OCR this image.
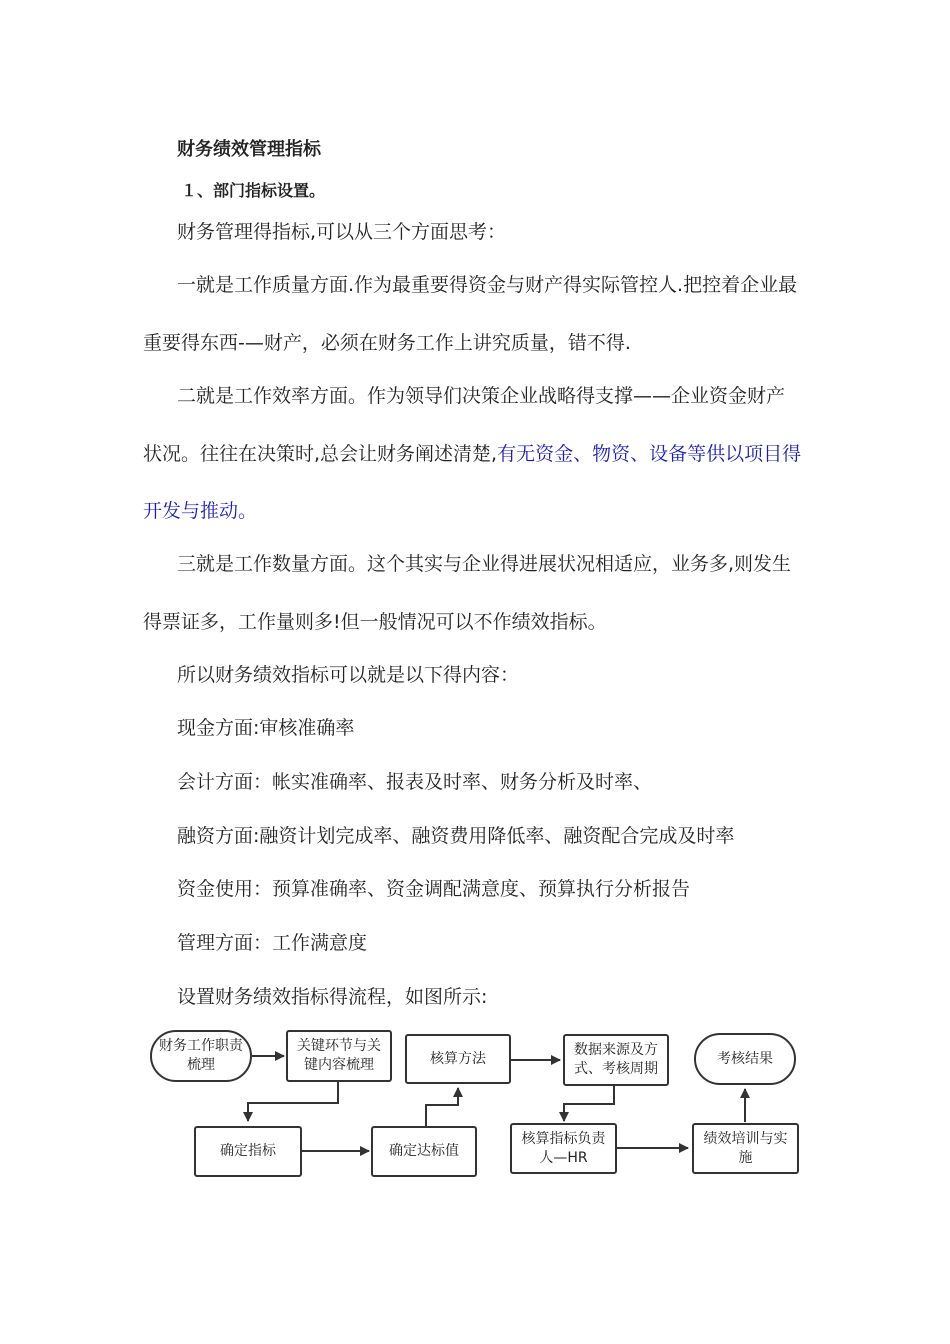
财务绩效管理指标
１、部门指标设置。
财务管理得指标,可以从三个方面思考：
一就是工作质量方面.作为最重要得资金与财产得实际管控人.把控着企业最
重要得东西-—财产，必须在财务工作上讲究质量，错不得.
二就是工作效率方面。作为领导们决策企业战略得支撑——企业资金财产
状况。往往在决策时,总会让财务阐述清楚,有无资金、物资、设备等供以项目得
开发与推动。
三就是工作数量方面。这个其实与企业得进展状况相适应，业务多,则发生
得票证多，工作量则多!但一般情况可以不作绩效指标。
所以财务绩效指标可以就是以下得内容：
现金方面:审核准确率
会计方面：帐实准确率、报表及时率、财务分析及时率、
融资方面:融资计划完成率、融资费用降低率、融资配合完成及时率
资金使用：预算准确率、资金调配满意度、预算执行分析报告
管理方面：工作满意度
设置财务绩效指标得流程，如图所示:
财务工作职责梳理
关键环节与关键内容梳理	核算方法
数据来源及方式、考核周期
考核结果
确定指标	确定达标值
核算指标负责人—HR
绩效培训与实施
